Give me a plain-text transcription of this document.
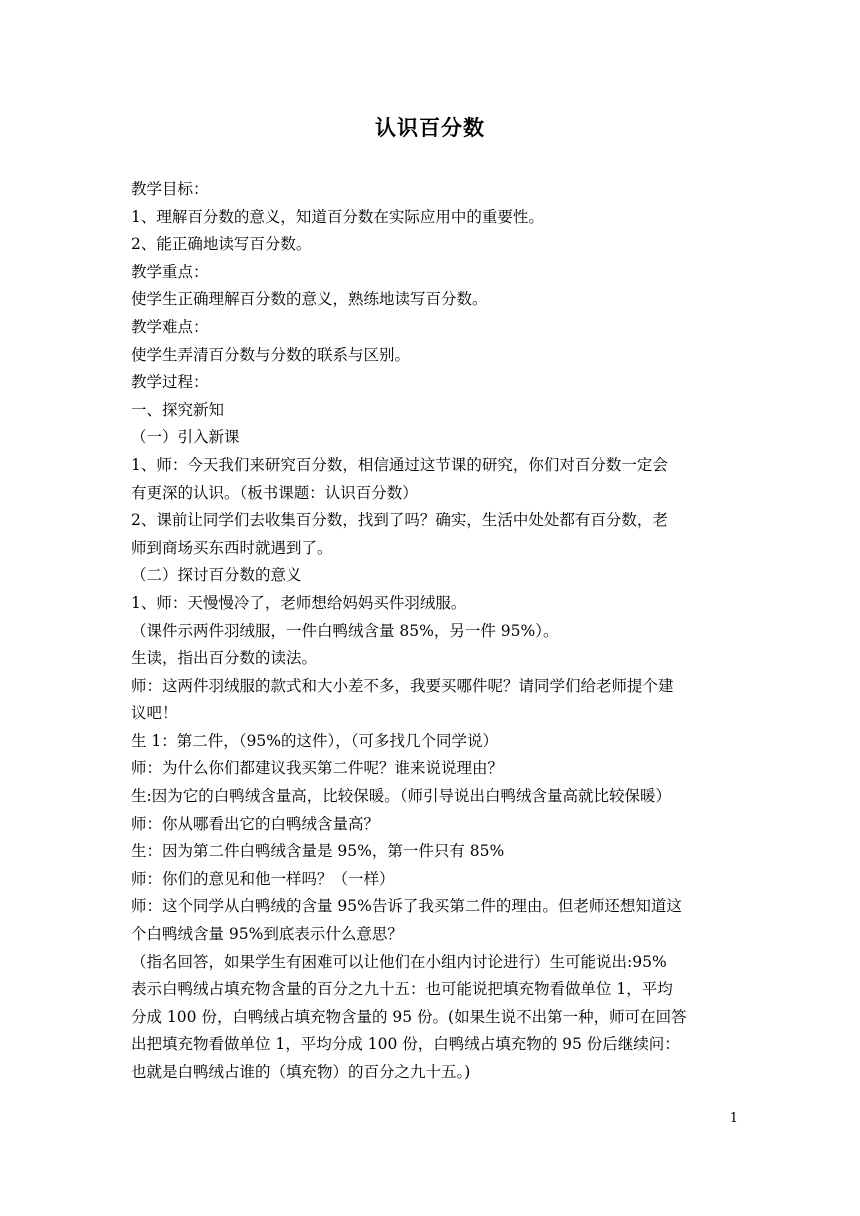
认识百分数
教学目标：
1、理解百分数的意义，知道百分数在实际应用中的重要性。
2、能正确地读写百分数。
教学重点：
使学生正确理解百分数的意义，熟练地读写百分数。
教学难点：
使学生弄清百分数与分数的联系与区别。
教学过程：
一、探究新知
（一）引入新课
1、师：今天我们来研究百分数，相信通过这节课的研究，你们对百分数一定会
有更深的认识。（板书课题：认识百分数）
2、课前让同学们去收集百分数，找到了吗？确实，生活中处处都有百分数，老
师到商场买东西时就遇到了。
（二）探讨百分数的意义
1、师：天慢慢冷了，老师想给妈妈买件羽绒服。
（课件示两件羽绒服，一件白鸭绒含量 85%，另一件 95%）。
生读，指出百分数的读法。
师：这两件羽绒服的款式和大小差不多，我要买哪件呢？请同学们给老师提个建
议吧！
生 1：第二件，（95%的这件），（可多找几个同学说）
师：为什么你们都建议我买第二件呢？谁来说说理由？
生:因为它的白鸭绒含量高，比较保暖。（师引导说出白鸭绒含量高就比较保暖）
师：你从哪看出它的白鸭绒含量高？
生：因为第二件白鸭绒含量是 95%，第一件只有 85%
师：你们的意见和他一样吗？（一样）
师：这个同学从白鸭绒的含量 95%告诉了我买第二件的理由。但老师还想知道这
个白鸭绒含量 95%到底表示什么意思？
（指名回答，如果学生有困难可以让他们在小组内讨论进行）生可能说出:95%
表示白鸭绒占填充物含量的百分之九十五：也可能说把填充物看做单位 1，平均
分成 100 份，白鸭绒占填充物含量的 95 份。(如果生说不出第一种，师可在回答
出把填充物看做单位 1，平均分成 100 份，白鸭绒占填充物的 95 份后继续问：
也就是白鸭绒占谁的（填充物）的百分之九十五。)
1
